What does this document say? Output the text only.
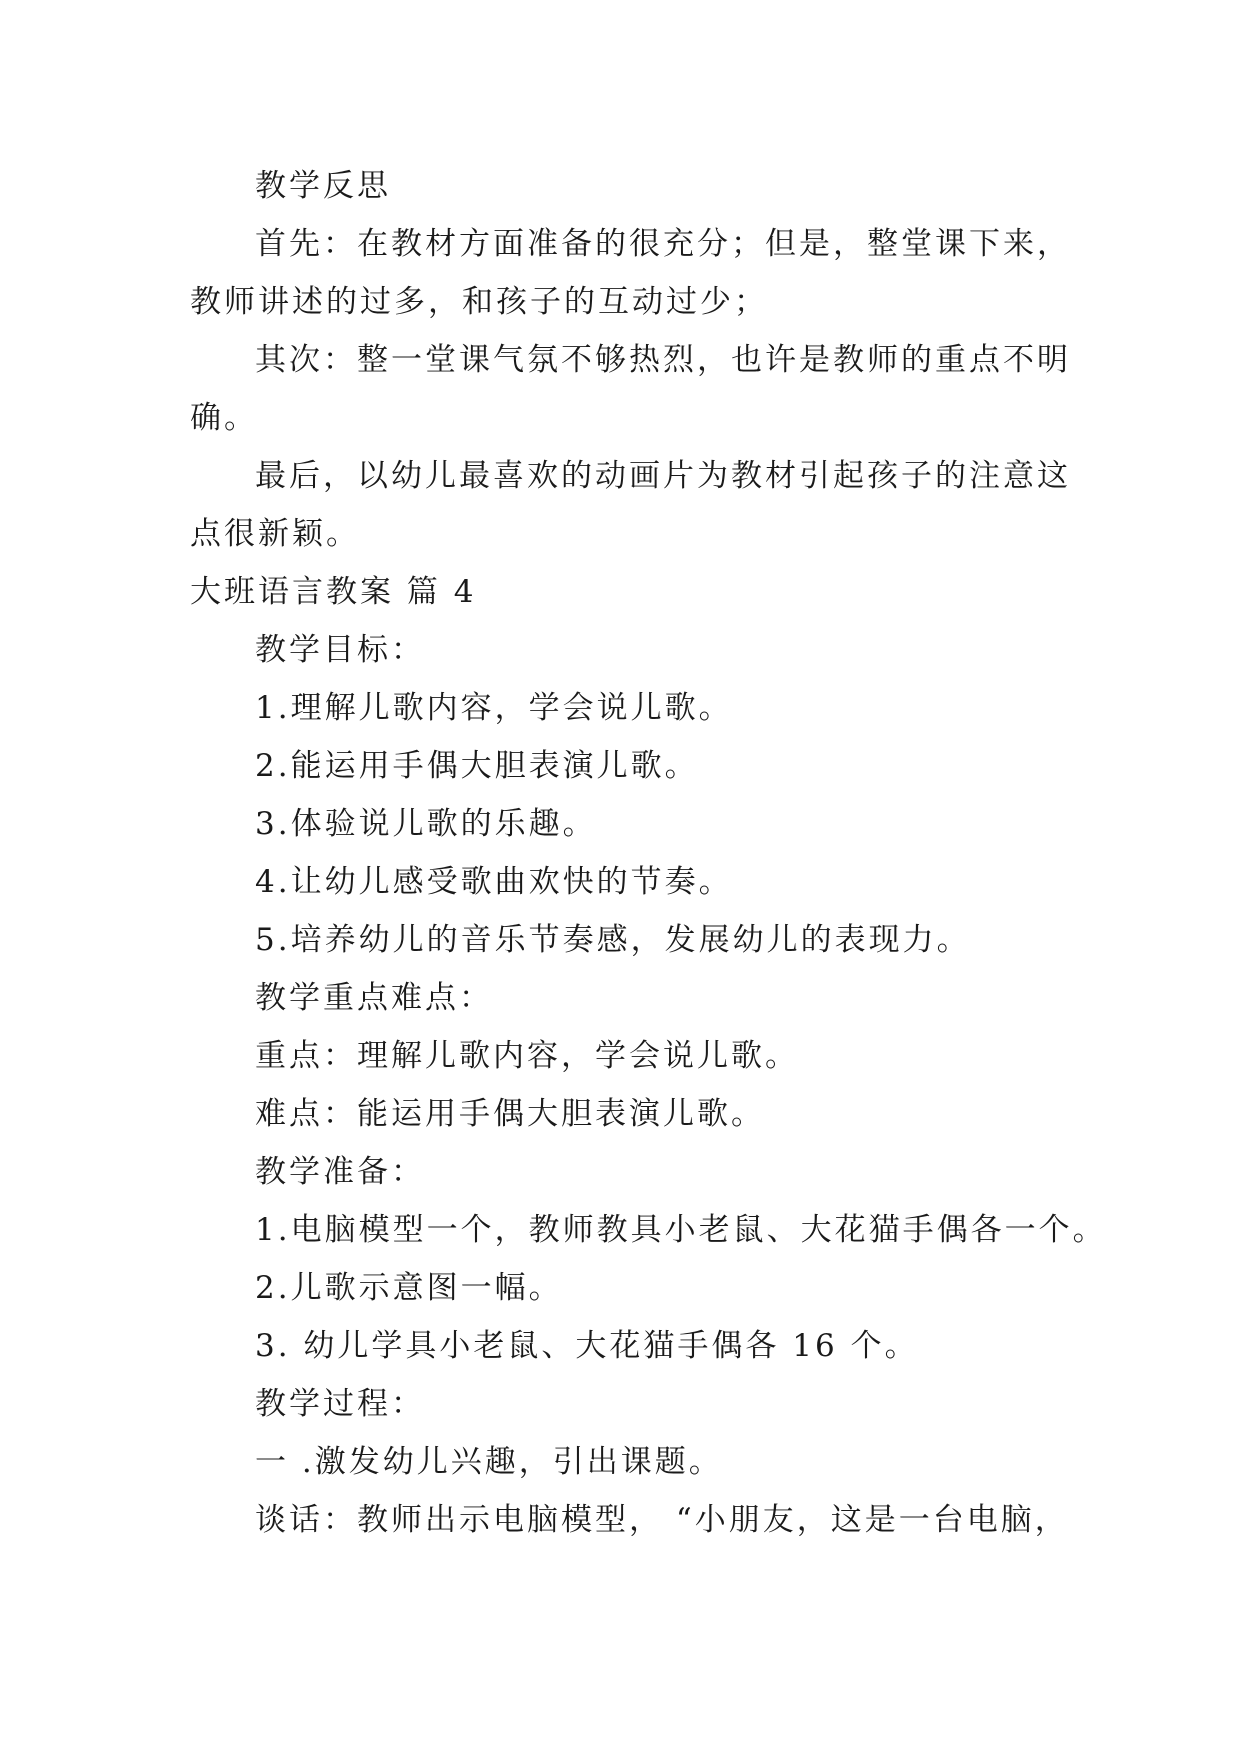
教学反思
首先：在教材方面准备的很充分；但是，整堂课下来，
教师讲述的过多，和孩子的互动过少；
其次：整一堂课气氛不够热烈，也许是教师的重点不明
确。
最后，以幼儿最喜欢的动画片为教材引起孩子的注意这
点很新颖。
大班语言教案 篇 4
教学目标：
1.理解儿歌内容，学会说儿歌。
2.能运用手偶大胆表演儿歌。
3.体验说儿歌的乐趣。
4.让幼儿感受歌曲欢快的节奏。
5.培养幼儿的音乐节奏感，发展幼儿的表现力。
教学重点难点：
重点：理解儿歌内容，学会说儿歌。
难点：能运用手偶大胆表演儿歌。
教学准备：
1.电脑模型一个，教师教具小老鼠、大花猫手偶各一个。
2.儿歌示意图一幅。
3. 幼儿学具小老鼠、大花猫手偶各 16 个。
教学过程：
一 .激发幼儿兴趣，引出课题。
谈话：教师出示电脑模型， “小朋友，这是一台电脑，
